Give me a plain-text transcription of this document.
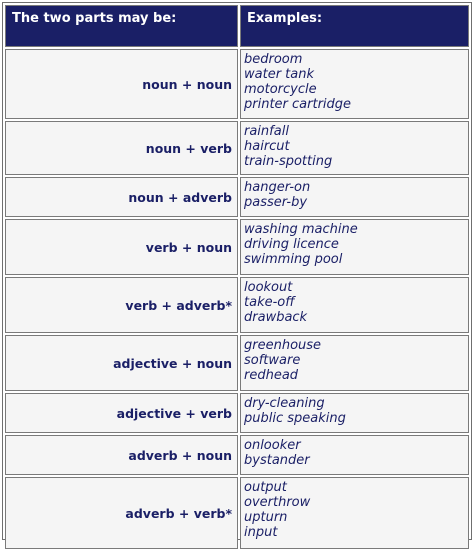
The two parts may be:	Examples:
noun + noun	bedroom
water tank
motorcycle
printer cartridge

noun + verb	rainfall
haircut
train-spotting

noun + adverb	hanger-on
passer-by

verb + noun	washing machine
driving licence
swimming pool

verb + adverb*	lookout
take-off
drawback

adjective + noun	greenhouse
software
redhead

adjective + verb	dry-cleaning
public speaking

adverb + noun	onlooker
bystander

adverb + verb*	output
overthrow
upturn
input
